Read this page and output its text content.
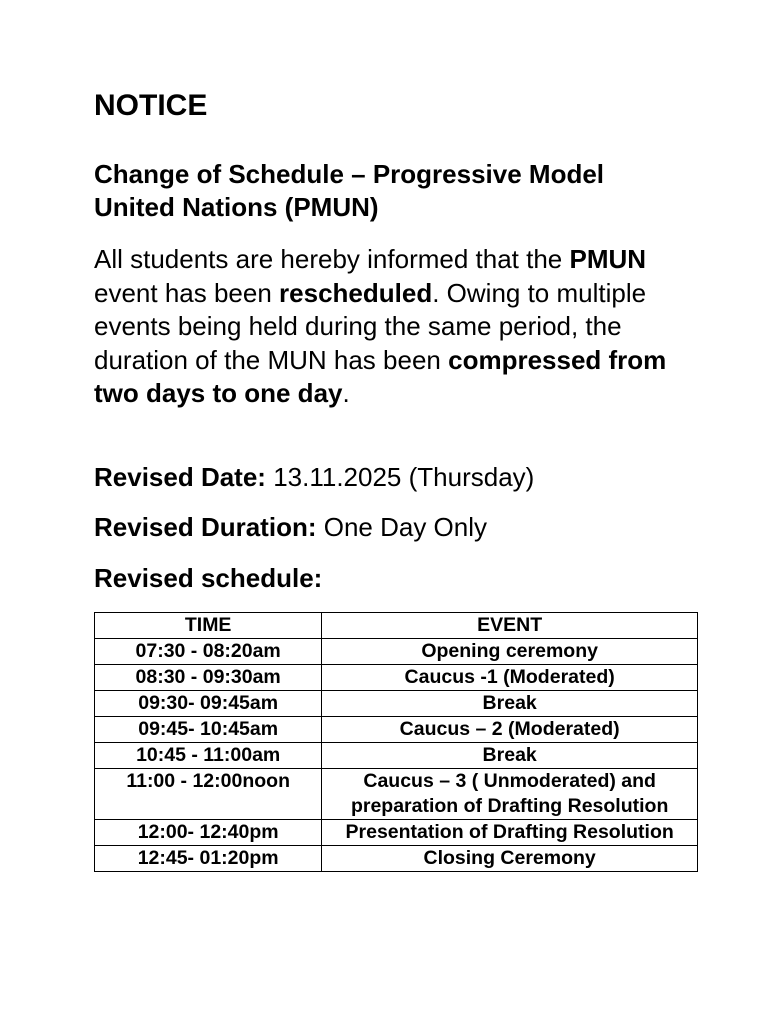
NOTICE

Change of Schedule – Progressive Model United Nations (PMUN)

All students are hereby informed that the PMUN event has been rescheduled. Owing to multiple events being held during the same period, the duration of the MUN has been compressed from two days to one day.

Revised Date: 13.11.2025 (Thursday)

Revised Duration: One Day Only

Revised schedule:

TIME	EVENT
07:30 - 08:20am	Opening ceremony
08:30 - 09:30am	Caucus -1 (Moderated)
09:30- 09:45am	Break
09:45- 10:45am	Caucus – 2 (Moderated)
10:45 - 11:00am	Break
11:00 - 12:00noon	Caucus – 3 ( Unmoderated) and preparation of Drafting Resolution
12:00- 12:40pm	Presentation of Drafting Resolution
12:45- 01:20pm	Closing Ceremony
